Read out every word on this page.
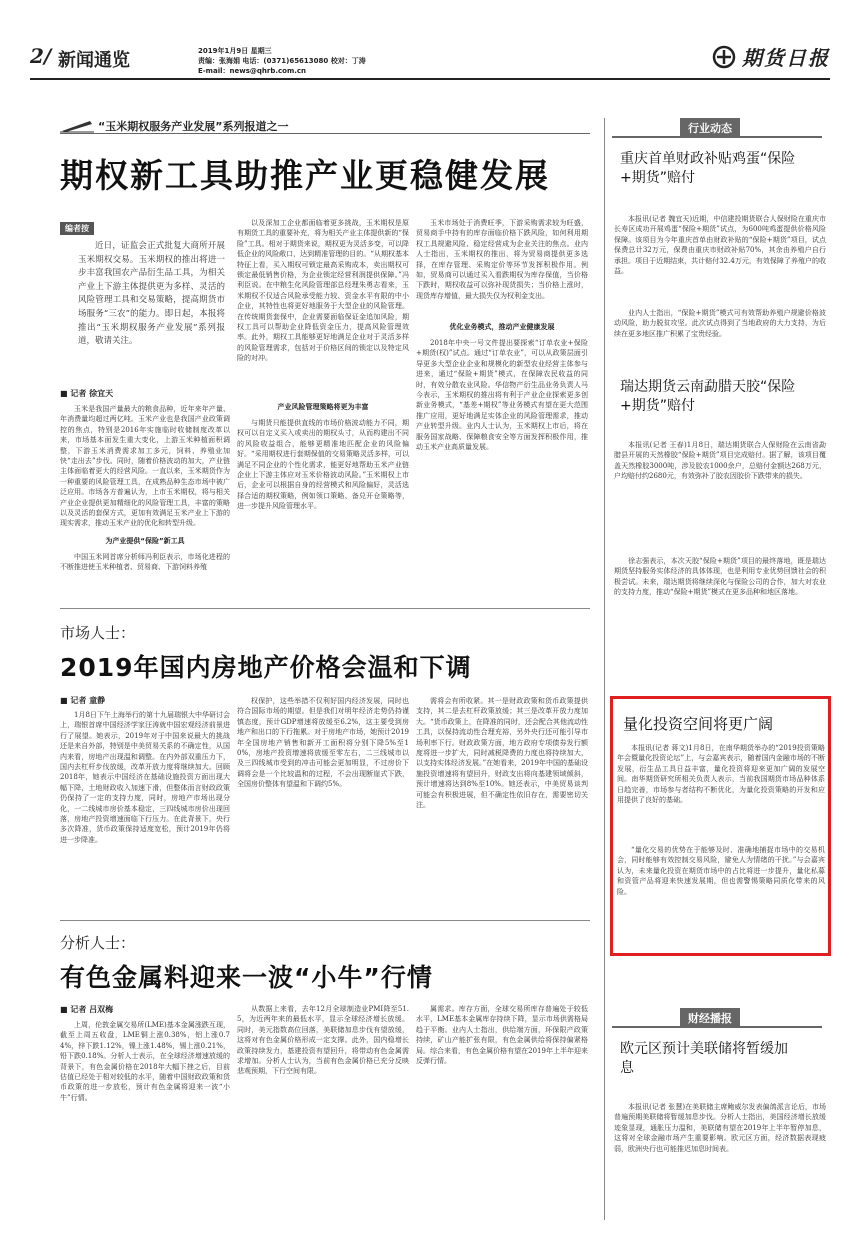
2/ 新闻通览	2019年1月9日 星期三
责编：张海娟 电话：(0371)65613080 校对：丁涛
E-mail：news@qhrb.com.cn
期货日报
“玉米期权服务产业发展”系列报道之一
期权新工具助推产业更稳健发展
编者按
近日，证监会正式批复大商所开展玉米期权交易。玉米期权的推出将进一步丰富我国农产品衍生品工具，为相关产业上下游主体提供更为多样、灵活的风险管理工具和交易策略，提高期货市场服务“三农”的能力。即日起，本报将推出“玉米期权服务产业发展”系列报道，敬请关注。
■ 记者 徐宜天
玉米是我国产量最大的粮食品种，近年来年产量、年消费量均超过两亿吨。玉米产业也是我国产业政策调控的焦点，特别是2016年实施临时收储制度改革以来，市场基本面发生重大变化，上游玉米种植面积调整，下游玉米消费需求加工多元，饲料、养殖业加快“走出去”步伐。同时，随着价格波动的加大，产业链主体面临着更大的经营风险。一直以来，玉米期货作为一种重要的风险管理工具，在成熟品种生态市场中被广泛应用。市场各方普遍认为，上市玉米期权，将与相关产业企业提供更加精细化的风险管理工具，丰富的策略以及灵活的套保方式，更加有效满足玉米产业上下游的现实需求，推动玉米产业的优化和转型升级。
为产业提供“保险”新工具
中国玉米网首席分析师冯利臣表示，市场化进程的不断推进使玉米种植者、贸易商、下游饲料养殖
以及深加工企业都面临着更多挑战，玉米期权是原有期货工具的重要补充，将为相关产业主体提供新的“保险”工具。相对于期货来说，期权更为灵活多变，可以降低企业的风险敞口，达到精准管理的目的。“从期权基本特征上看，买入期权可锁定最高采购成本，卖出期权可锁定最低销售价格，为企业锁定经营利润提供保障。”冯利臣说。在中粮生化风险管理部总经理朱勇志看来，玉米期权不仅适合风险承受能力较、资金水平有限的中小企业，其特性也将更好地服务于大型企业的风险管理。在传统期货套保中，企业需要面临保证金追加风险，期权工具可以帮助企业降低资金压力，提高风险管理效率。此外，期权工具能够更好地满足企业对于灵活多样的风险管理需求，包括对于价格区间的锁定以及特定风险的对冲。
产业风险管理策略将更为丰富
与期货只能提供直线的市场价格波动能力不同，期权可以自定义买入或卖出的期权头寸，从而构建出不同的风险收益组合，能够更精准地匹配企业的风险偏好。“采用期权进行套期保值的交易策略灵活多样，可以满足不同企业的个性化需求，能更好地帮助玉米产业链企业上下游主体应对玉米价格波动风险。”玉米期权上市后，企业可以根据自身的经营模式和风险偏好，灵活选择合适的期权策略，例如领口策略、备兑开仓策略等，进一步提升风险管理水平。
玉米市场处于消费旺季，下游采购需求较为旺盛，贸易商手中持有的库存面临价格下跌风险，如何利用期权工具规避风险、稳定经营成为企业关注的焦点。业内人士指出，玉米期权的推出，将为贸易商提供更多选择，在库存管理、采购定价等环节发挥积极作用。例如，贸易商可以通过买入看跌期权为库存保值，当价格下跌时，期权收益可以弥补现货损失；当价格上涨时，现货库存增值，最大损失仅为权利金支出。
优化业务模式，推动产业健康发展
2018年中央一号文件提出要探索“订单农业+保险+期货(权)”试点。通过“订单农业”，可以从政策层面引导更多大型企业企业和规模化的新型农业经营主体参与进来，通过“保险+期货”模式，在保障农民收益的同时，有效分散农业风险。华信物产衍生品业务负责人马今表示，玉米期权的推出将有利于产业企业探索更多创新业务模式，“基差+期权”等业务模式有望在更大范围推广应用，更好地满足实体企业的风险管理需求，推动产业转型升级。业内人士认为，玉米期权上市后，将在服务国家战略、保障粮食安全等方面发挥积极作用，推动玉米产业高质量发展。
市场人士：
2019年国内房地产价格会温和下调
■ 记者 童静
1月8日下午上海举行的第十九届瑞银大中华研讨会上，瑞银首席中国经济学家汪涛就中国宏观经济前景进行了展望。她表示，2019年对于中国来说最大的挑战还是来自外部，特别是中美贸易关系的不确定性，从国内来看，房地产出现温和调整。在内外部双重压力下，国内去杠杆步伐放缓，改革开放力度将继续加大。回顾2018年，她表示中国经济在基础设施投资方面出现大幅下降，土地财政收入加速下滑，但整体而言财政政策仍保持了一定的支持力度，同时，房地产市场出现分化，一二线城市房价基本稳定，三四线城市房价出现回落，房地产投资增速面临下行压力。在此背景下，央行多次降准，货币政策保持适度宽松，预计2019年仍将进一步降准。
权保护，这些举措不仅利好国内经济发展，同时也符合国际市场的期望。但是我们对明年经济走势仍持谨慎态度，预计GDP增速将放缓至6.2%，这主要受到房地产和出口的下行拖累。对于房地产市场，她预计2019年全国房地产销售和新开工面积将分别下降5%至10%，房地产投资增速将放缓至零左右，二三线城市以及三四线城市受到的冲击可能会更加明显，不过房价下调将会是一个比较温和的过程，不会出现断崖式下跌，全国房价整体有望温和下调约5%。
需将会有所收紧。其一是财政政策和货币政策提供支持，其二是去杠杆政策放缓；其三是改革开放力度加大。“货币政策上，在降准的同时，还会配合其他流动性工具，以保持流动性合理充裕，另外央行还可能引导市场利率下行。财政政策方面，地方政府专项债券发行额度将进一步扩大，同时减税降费的力度也将持续加大，以支持实体经济发展。”在她看来，2019年中国的基础设施投资增速将有望回升，财政支出将向基建领域倾斜，预计增速将达到8%至10%。她还表示，中美贸易谈判可能会有积极进展，但不确定性依旧存在，需要密切关注。
分析人士：
有色金属料迎来一波“小牛”行情
■ 记者 吕双梅
上周，伦敦金属交易所(LME)基本金属涨跌互现，截至上周五收盘，LME铜上涨0.38%，铝上涨0.74%，锌下跌1.12%，镍上涨1.48%，锡上涨0.21%，铅下跌0.18%。分析人士表示，在全球经济增速放缓的背景下，有色金属价格在2018年大幅下挫之后，目前估值已经处于相对较低的水平，随着中国财政政策和货币政策的进一步放松，预计有色金属将迎来一波“小牛”行情。
从数据上来看，去年12月全球制造业PMI降至51.5，为近两年来的最低水平，显示全球经济增长放缓。同时，美元指数高位回落，美联储加息步伐有望放缓，这将对有色金属价格形成一定支撑。此外，国内稳增长政策持续发力，基建投资有望回升，将带动有色金属需求增加。分析人士认为，当前有色金属价格已充分反映悲观预期，下行空间有限。
属需求。库存方面，全球交易所库存普遍处于较低水平，LME基本金属库存持续下降，显示市场供需格局趋于平衡。业内人士指出，供给端方面，环保限产政策持续，矿山产能扩张有限，有色金属供给将保持偏紧格局。综合来看，有色金属价格有望在2019年上半年迎来反弹行情。
行业动态
重庆首单财政补贴鸡蛋“保险+期货”赔付
本报讯(记者 魏宜天)近期，中信建投期货联合人保财险在重庆市长寿区成功开展鸡蛋“保险+期货”试点，为600吨鸡蛋提供价格风险保障。该项目为今年重庆首单由财政补贴的“保险+期货”项目，试点保费总计32万元，保费由重庆市财政补贴70%，其余由养殖户自行承担。项目于近期结束，共计赔付32.4万元，有效保障了养殖户的收益。
业内人士指出，“保险+期货”模式可有效帮助养殖户规避价格波动风险，助力脱贫攻坚。此次试点得到了当地政府的大力支持，为后续在更多地区推广积累了宝贵经验。
瑞达期货云南勐腊天胶“保险+期货”赔付
本报讯(记者 王春)1月8日，瑞达期货联合人保财险在云南省勐腊县开展的天然橡胶“保险+期货”项目完成赔付。据了解，该项目覆盖天然橡胶3000吨，涉及胶农1000余户，总赔付金额达268万元，户均赔付约2680元，有效弥补了胶农因胶价下跌带来的损失。
徐志强表示，本次天胶“保险+期货”项目的最终落地，既是瑞达期货坚持服务实体经济的具体体现，也是利用专业优势回馈社会的积极尝试。未来，瑞达期货将继续深化与保险公司的合作，加大对农业的支持力度，推动“保险+期货”模式在更多品种和地区落地。
量化投资空间将更广阔
本报讯(记者 蒋文)1月8日，在南华期货举办的“2019投资策略年会暨量化投资论坛”上，与会嘉宾表示，随着国内金融市场的不断发展，衍生品工具日益丰富，量化投资将迎来更加广阔的发展空间。南华期货研究所相关负责人表示，当前我国期货市场品种体系日趋完善，市场参与者结构不断优化，为量化投资策略的开发和应用提供了良好的基础。
“量化交易的优势在于能够及时、准确地捕捉市场中的交易机会，同时能够有效控制交易风险，避免人为情绪的干扰。”与会嘉宾认为，未来量化投资在期货市场中的占比将进一步提升，量化私募和资管产品将迎来快速发展期，但也需警惕策略同质化带来的风险。
财经播报
欧元区预计美联储将暂缓加息
本报讯(记者 张慧)在美联储主席鲍威尔发表偏鸽派言论后，市场普遍预期美联储将暂缓加息步伐。分析人士指出，美国经济增长放缓迹象显现，通胀压力温和，美联储有望在2019年上半年暂停加息，这将对全球金融市场产生重要影响。欧元区方面，经济数据表现疲弱，欧洲央行也可能推迟加息时间表。
